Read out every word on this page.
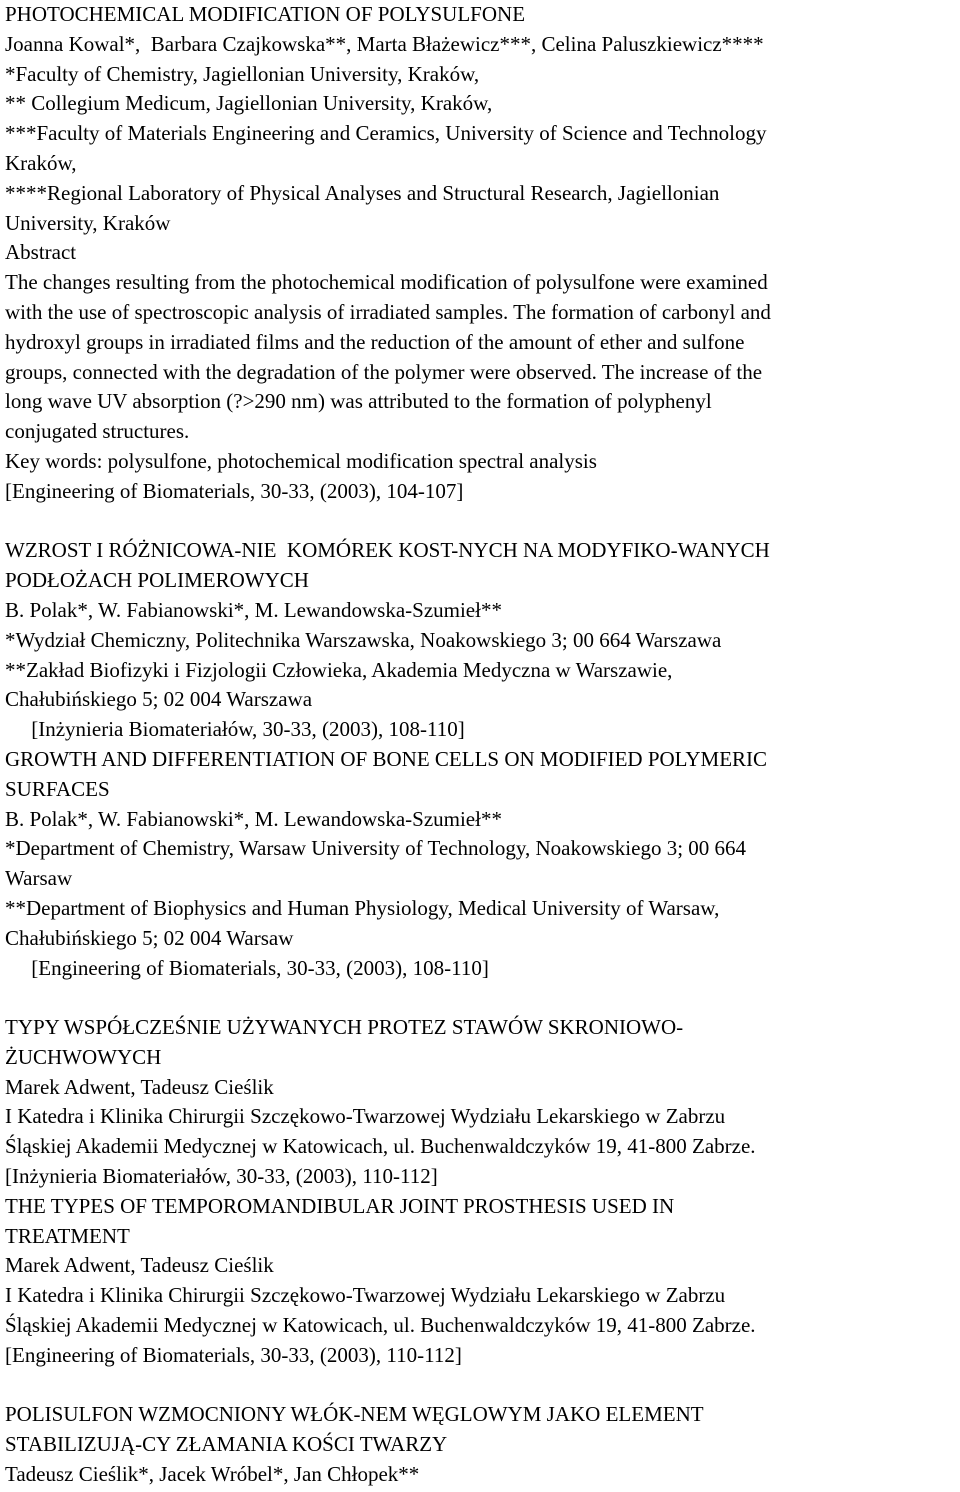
PHOTOCHEMICAL MODIFICATION OF POLYSULFONE
Joanna Kowal*,  Barbara Czajkowska**, Marta Błażewicz***, Celina Paluszkiewicz****
*Faculty of Chemistry, Jagiellonian University, Kraków,
** Collegium Medicum, Jagiellonian University, Kraków,
***Faculty of Materials Engineering and Ceramics, University of Science and Technology
Kraków,
****Regional Laboratory of Physical Analyses and Structural Research, Jagiellonian
University, Kraków
Abstract
The changes resulting from the photochemical modification of polysulfone were examined
with the use of spectroscopic analysis of irradiated samples. The formation of carbonyl and
hydroxyl groups in irradiated films and the reduction of the amount of ether and sulfone
groups, connected with the degradation of the polymer were observed. The increase of the
long wave UV absorption (?>290 nm) was attributed to the formation of polyphenyl
conjugated structures.
Key words: polysulfone, photochemical modification spectral analysis
[Engineering of Biomaterials, 30-33, (2003), 104-107]
WZROST I RÓŻNICOWA-NIE  KOMÓREK KOST-NYCH NA MODYFIKO-WANYCH
PODŁOŻACH POLIMEROWYCH
B. Polak*, W. Fabianowski*, M. Lewandowska-Szumieł**
*Wydział Chemiczny, Politechnika Warszawska, Noakowskiego 3; 00 664 Warszawa
**Zakład Biofizyki i Fizjologii Człowieka, Akademia Medyczna w Warszawie,
Chałubińskiego 5; 02 004 Warszawa
[Inżynieria Biomateriałów, 30-33, (2003), 108-110]
GROWTH AND DIFFERENTIATION OF BONE CELLS ON MODIFIED POLYMERIC
SURFACES
B. Polak*, W. Fabianowski*, M. Lewandowska-Szumieł**
*Department of Chemistry, Warsaw University of Technology, Noakowskiego 3; 00 664
Warsaw
**Department of Biophysics and Human Physiology, Medical University of Warsaw,
Chałubińskiego 5; 02 004 Warsaw
[Engineering of Biomaterials, 30-33, (2003), 108-110]
TYPY WSPÓŁCZEŚNIE UŻYWANYCH PROTEZ STAWÓW SKRONIOWO-
ŻUCHWOWYCH
Marek Adwent, Tadeusz Cieślik
I Katedra i Klinika Chirurgii Szczękowo-Twarzowej Wydziału Lekarskiego w Zabrzu
Śląskiej Akademii Medycznej w Katowicach, ul. Buchenwaldczyków 19, 41-800 Zabrze.
[Inżynieria Biomateriałów, 30-33, (2003), 110-112]
THE TYPES OF TEMPOROMANDIBULAR JOINT PROSTHESIS USED IN
TREATMENT
Marek Adwent, Tadeusz Cieślik
I Katedra i Klinika Chirurgii Szczękowo-Twarzowej Wydziału Lekarskiego w Zabrzu
Śląskiej Akademii Medycznej w Katowicach, ul. Buchenwaldczyków 19, 41-800 Zabrze.
[Engineering of Biomaterials, 30-33, (2003), 110-112]
POLISULFON WZMOCNIONY WŁÓK-NEM WĘGLOWYM JAKO ELEMENT
STABILIZUJĄ-CY ZŁAMANIA KOŚCI TWARZY
Tadeusz Cieślik*, Jacek Wróbel*, Jan Chłopek**
